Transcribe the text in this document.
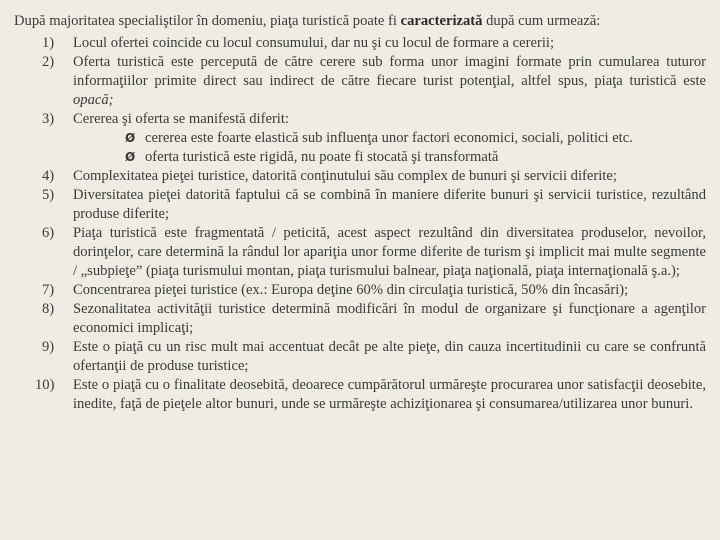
După majoritatea specialiştilor în domeniu, piaţa turistică poate fi caracterizată după cum urmează:

1) Locul ofertei coincide cu locul consumului, dar nu şi cu locul de formare a cererii;
2) Oferta turistică este percepută de către cerere sub forma unor imagini formate prin cumularea tuturor informaţiilor primite direct sau indirect de către fiecare turist potenţial, altfel spus, piaţa turistică este opacă;
3) Cererea şi oferta se manifestă diferit:
Ø cererea este foarte elastică sub influenţa unor factori economici, sociali, politici etc.
Ø oferta turistică este rigidă, nu poate fi stocată şi transformată
4) Complexitatea pieţei turistice, datorită conţinutului său complex de bunuri şi servicii diferite;
5) Diversitatea pieţei datorită faptului că se combină în maniere diferite bunuri şi servicii turistice, rezultând produse diferite;
6) Piaţa turistică este fragmentată / peticită, acest aspect rezultând din diversitatea produselor, nevoilor, dorinţelor, care determină la rândul lor apariţia unor forme diferite de turism şi implicit mai multe segmente / „subpieţe” (piaţa turismului montan, piaţa turismului balnear, piaţa naţională, piaţa internaţională ş.a.);
7) Concentrarea pieţei turistice (ex.: Europa deţine 60% din circulaţia turistică, 50% din încasări);
8) Sezonalitatea activităţii turistice determină modificări în modul de organizare şi funcţionare a agenţilor economici implicaţi;
9) Este o piaţă cu un risc mult mai accentuat decât pe alte pieţe, din cauza incertitudinii cu care se confruntă ofertanţii de produse turistice;
10) Este o piaţă cu o finalitate deosebită, deoarece cumpărătorul urmăreşte procurarea unor satisfacţii deosebite, inedite, faţă de pieţele altor bunuri, unde se urmăreşte achiziţionarea şi consumarea/utilizarea unor bunuri.
